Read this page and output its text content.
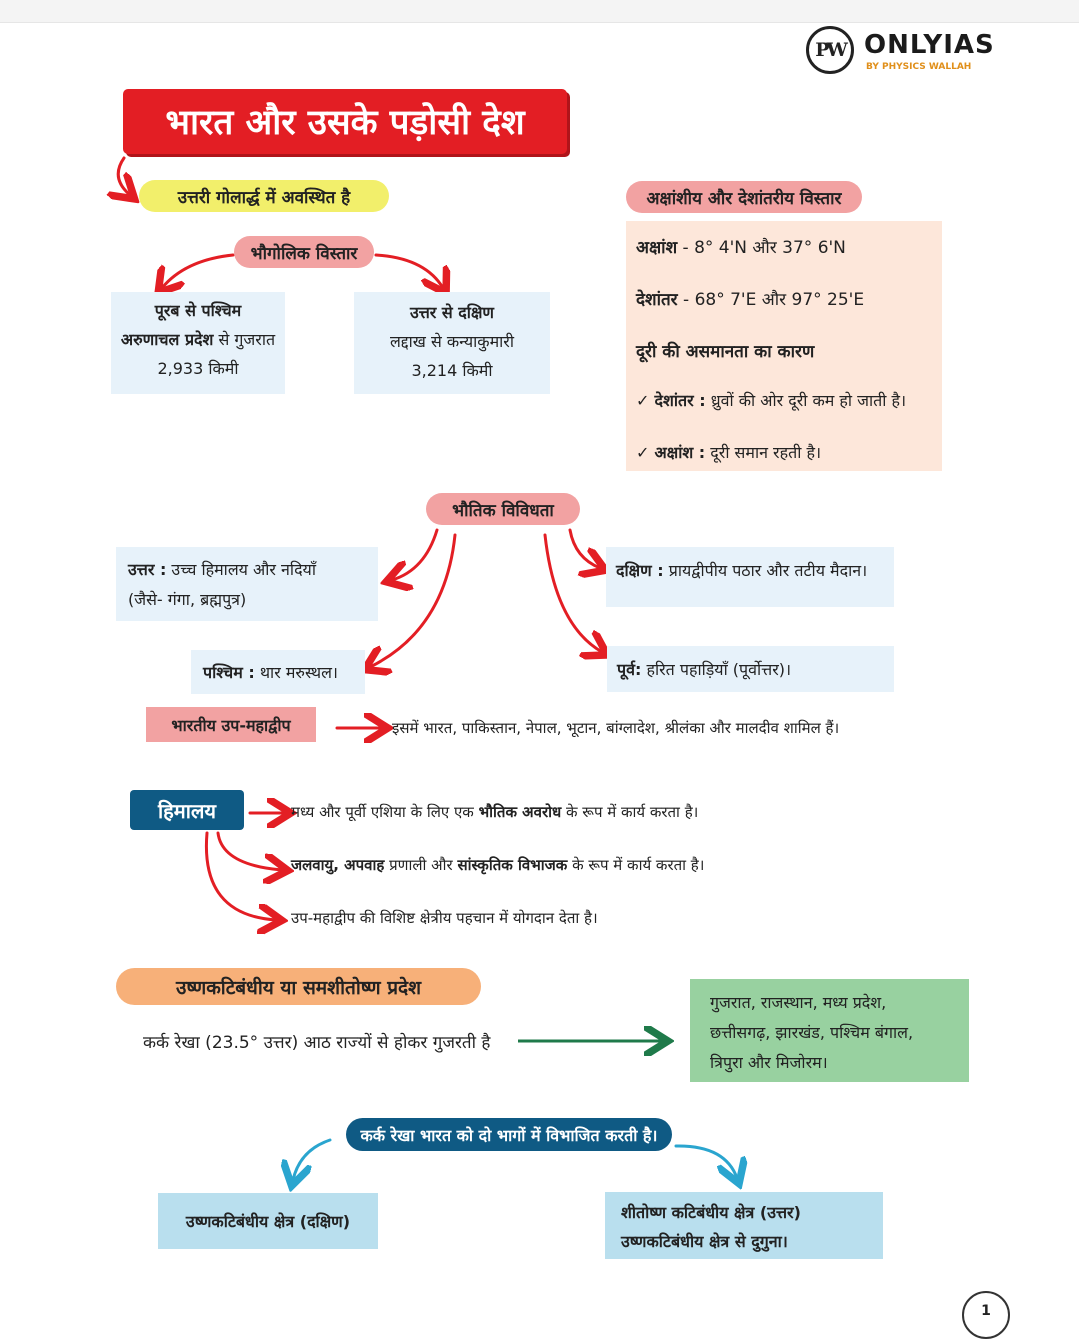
PW ONLYIAS
BY PHYSICS WALLAH
भारत और उसके पड़ोसी देश
उत्तरी गोलार्द्ध में अवस्थित है
भौगोलिक विस्तार
पूरब से पश्चिम
अरुणाचल प्रदेश से गुजरात
2,933 किमी
उत्तर से दक्षिण
लद्दाख से कन्याकुमारी
3,214 किमी
अक्षांशीय और देशांतरीय विस्तार
अक्षांश - 8° 4'N और 37° 6'N
देशांतर - 68° 7'E और 97° 25'E
दूरी की असमानता का कारण
✓ देशांतर : ध्रुवों की ओर दूरी कम हो जाती है।
✓ अक्षांश : दूरी समान रहती है।
भौतिक विविधता
उत्तर : उच्च हिमालय और नदियाँ
(जैसे- गंगा, ब्रह्मपुत्र)
दक्षिण : प्रायद्वीपीय पठार और तटीय मैदान।
पश्चिम : थार मरुस्थल।	पूर्व: हरित पहाड़ियाँ (पूर्वोत्तर)।
भारतीय उप-महाद्वीप	इसमें भारत, पाकिस्तान, नेपाल, भूटान, बांग्लादेश, श्रीलंका और मालदीव शामिल हैं।
हिमालय	मध्य और पूर्वी एशिया के लिए एक भौतिक अवरोध के रूप में कार्य करता है।
जलवायु, अपवाह प्रणाली और सांस्कृतिक विभाजक के रूप में कार्य करता है।
उप-महाद्वीप की विशिष्ट क्षेत्रीय पहचान में योगदान देता है।
उष्णकटिबंधीय या समशीतोष्ण प्रदेश
कर्क रेखा (23.5° उत्तर) आठ राज्यों से होकर गुजरती है
गुजरात, राजस्थान, मध्य प्रदेश,
छत्तीसगढ़, झारखंड, पश्चिम बंगाल,
त्रिपुरा और मिजोरम।
कर्क रेखा भारत को दो भागों में विभाजित करती है।
उष्णकटिबंधीय क्षेत्र (दक्षिण)	शीतोष्ण कटिबंधीय क्षेत्र (उत्तर)
उष्णकटिबंधीय क्षेत्र से दुगुना।
1
